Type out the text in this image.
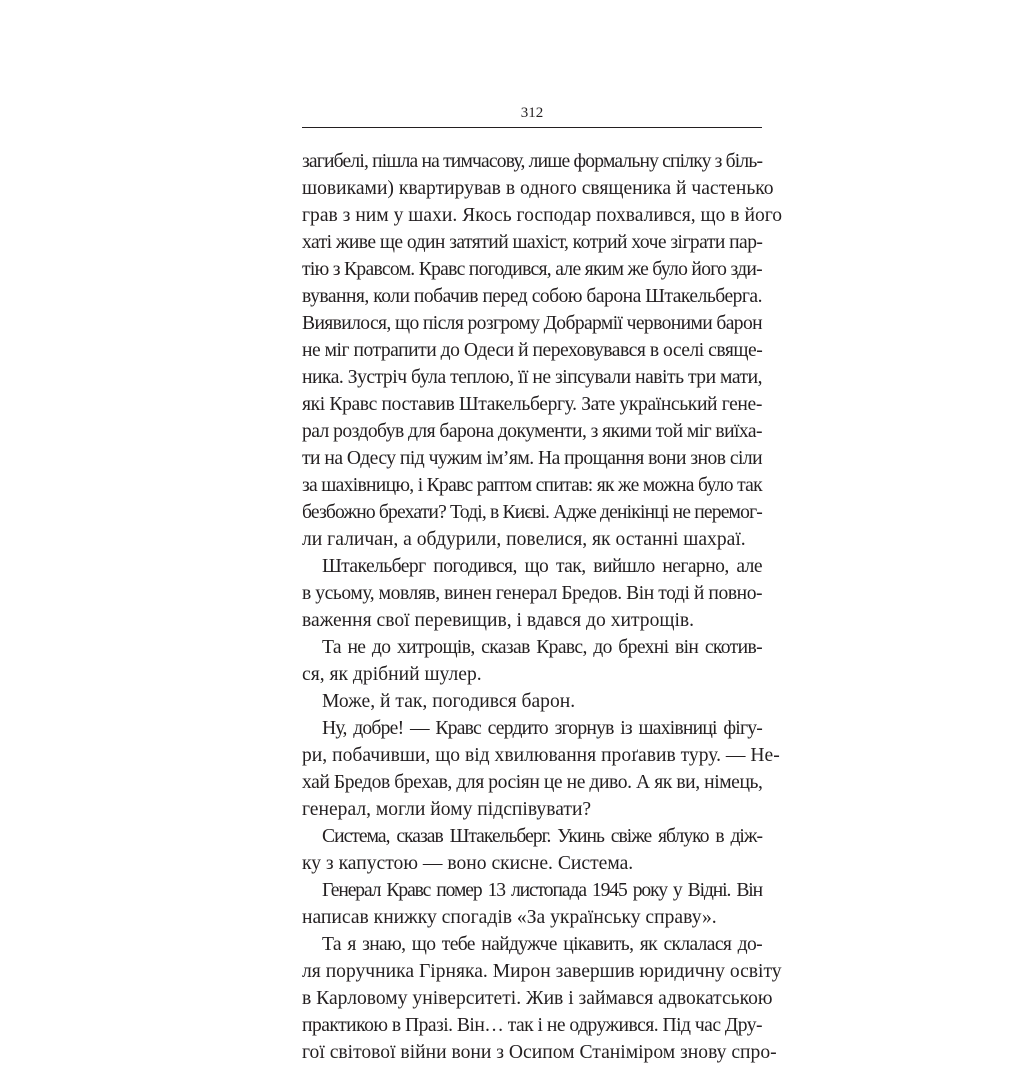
312
загибелі, пішла на тимчасову, лише формальну спілку з біль-
шовиками) квартирував в одного священика й частенько
грав з ним у шахи. Якось господар похвалився, що в його
хаті живе ще один затятий шахіст, котрий хоче зіграти пар-
тію з Кравсом. Кравс погодився, але яким же було його зди-
вування, коли побачив перед собою барона Штакельберга.
Виявилося, що після розгрому Добрармії червоними барон
не міг потрапити до Одеси й переховувався в оселі свяще-
ника. Зустріч була теплою, її не зіпсували навіть три мати,
які Кравс поставив Штакельбергу. Зате український гене-
рал роздобув для барона документи, з якими той міг виїха-
ти на Одесу під чужим ім’ям. На прощання вони знов сіли
за шахівницю, і Кравс раптом спитав: як же можна було так
безбожно брехати? Тоді, в Києві. Адже денікінці не перемог-
ли галичан, а обдурили, повелися, як останні шахраї.
Штакельберг погодився, що так, вийшло негарно, але
в усьому, мовляв, винен генерал Бредов. Він тоді й повно-
важення свої перевищив, і вдався до хитрощів.
Та не до хитрощів, сказав Кравс, до брехні він скотив-
ся, як дрібний шулер.
Може, й так, погодився барон.
Ну, добре! — Кравс сердито згорнув із шахівниці фігу-
ри, побачивши, що від хвилювання проґавив туру. — Не-
хай Бредов брехав, для росіян це не диво. А як ви, німець,
генерал, могли йому підспівувати?
Система, сказав Штакельберг. Укинь свіже яблуко в діж-
ку з капустою — воно скисне. Система.
Генерал Кравс помер 13 листопада 1945 року у Відні. Він
написав книжку спогадів «За українську справу».
Та я знаю, що тебе найдужче цікавить, як склалася до-
ля поручника Гірняка. Мирон завершив юридичну освіту
в Карловому університеті. Жив і займався адвокатською
практикою в Празі. Він… так і не одружився. Під час Дру-
гої світової війни вони з Осипом Станіміром знову спро-
